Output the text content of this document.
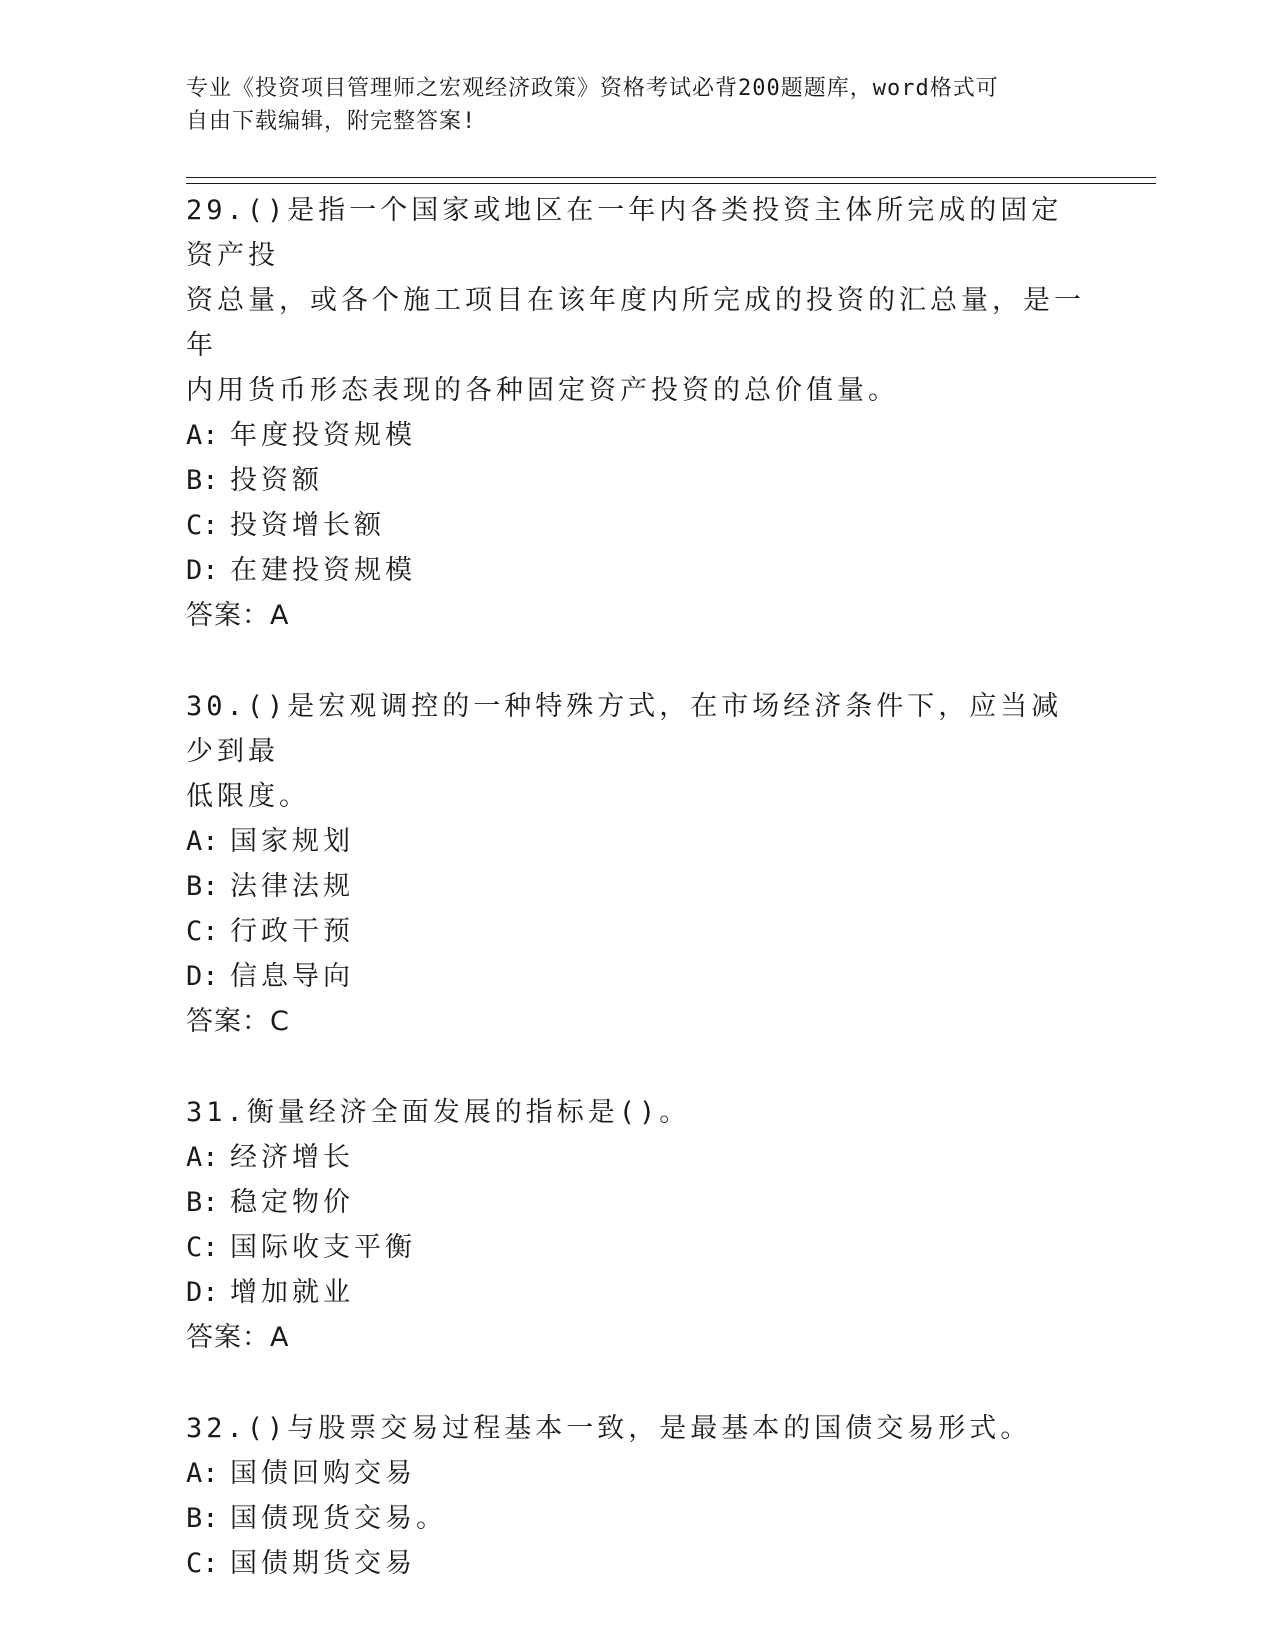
专业《投资项目管理师之宏观经济政策》资格考试必背200题题库，word格式可
自由下载编辑，附完整答案!
29.()是指一个国家或地区在一年内各类投资主体所完成的固定资产投
资总量，或各个施工项目在该年度内所完成的投资的汇总量，是一年
内用货币形态表现的各种固定资产投资的总价值量。
A: 年度投资规模
B: 投资额
C: 投资增长额
D: 在建投资规模
答案：A
30.()是宏观调控的一种特殊方式，在市场经济条件下，应当减少到最
低限度。
A: 国家规划
B: 法律法规
C: 行政干预
D: 信息导向
答案：C
31.衡量经济全面发展的指标是()。
A: 经济增长
B: 稳定物价
C: 国际收支平衡
D: 增加就业
答案：A
32.()与股票交易过程基本一致，是最基本的国债交易形式。
A: 国债回购交易
B: 国债现货交易。
C: 国债期货交易
